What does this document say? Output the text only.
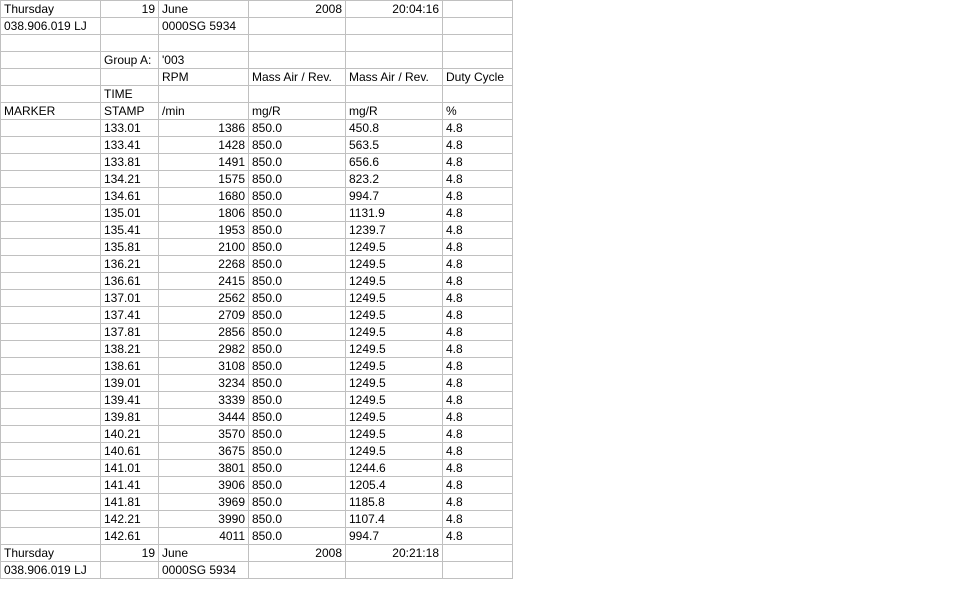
Thursday	19	June	2008	20:04:16	
038.906.019 LJ		0000SG 5934			

	Group A:	'003			
		RPM	Mass Air / Rev.	Mass Air / Rev.	Duty Cycle
	TIME				
MARKER	STAMP	/min	mg/R	mg/R	%
	133.01	1386	850.0	450.8	4.8
	133.41	1428	850.0	563.5	4.8
	133.81	1491	850.0	656.6	4.8
	134.21	1575	850.0	823.2	4.8
	134.61	1680	850.0	994.7	4.8
	135.01	1806	850.0	1131.9	4.8
	135.41	1953	850.0	1239.7	4.8
	135.81	2100	850.0	1249.5	4.8
	136.21	2268	850.0	1249.5	4.8
	136.61	2415	850.0	1249.5	4.8
	137.01	2562	850.0	1249.5	4.8
	137.41	2709	850.0	1249.5	4.8
	137.81	2856	850.0	1249.5	4.8
	138.21	2982	850.0	1249.5	4.8
	138.61	3108	850.0	1249.5	4.8
	139.01	3234	850.0	1249.5	4.8
	139.41	3339	850.0	1249.5	4.8
	139.81	3444	850.0	1249.5	4.8
	140.21	3570	850.0	1249.5	4.8
	140.61	3675	850.0	1249.5	4.8
	141.01	3801	850.0	1244.6	4.8
	141.41	3906	850.0	1205.4	4.8
	141.81	3969	850.0	1185.8	4.8
	142.21	3990	850.0	1107.4	4.8
	142.61	4011	850.0	994.7	4.8
Thursday	19	June	2008	20:21:18	
038.906.019 LJ		0000SG 5934			
